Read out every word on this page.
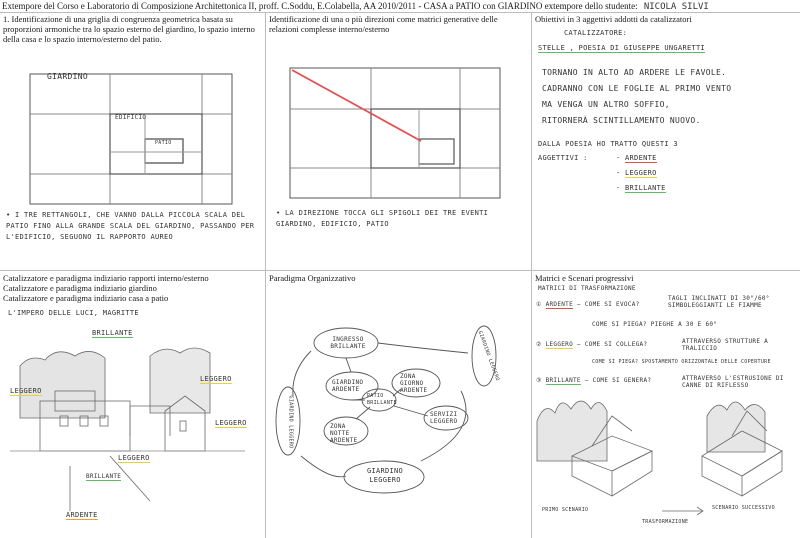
Extempore del Corso e Laboratorio di Composizione Architettonica II, proff. C.Soddu, E.Colabella, AA 2010/2011 - CASA a PATIO con GIARDINO extempore dello studente: NICOLA SILVI
1. Identificazione di una griglia di congruenza geometrica basata su proporzioni armoniche tra lo spazio esterno del giardino, lo spazio interno della casa e lo spazio interno/esterno del patio.
GIARDINO
EDIFICIO
PATIO
• I TRE RETTANGOLI, CHE VANNO DALLA PICCOLA SCALA DEL PATIO FINO ALLA GRANDE SCALA DEL GIARDINO, PASSANDO PER L'EDIFICIO, SEGUONO IL RAPPORTO AUREO
Identificazione di una o più direzioni come matrici generative delle relazioni complesse interno/esterno
• LA DIREZIONE TOCCA GLI SPIGOLI DEI TRE EVENTI GIARDINO, EDIFICIO, PATIO
Obiettivi in 3 aggettivi addotti da catalizzatori
CATALIZZATORE:
STELLE , POESIA DI GIUSEPPE UNGARETTI
TORNANO IN ALTO AD ARDERE LE FAVOLE.
CADRANNO CON LE FOGLIE AL PRIMO VENTO
MA VENGA UN ALTRO SOFFIO,
RITORNERÀ SCINTILLAMENTO NUOVO.
DALLA POESIA HO TRATTO QUESTI 3
AGGETTIVI :	- ARDENTE
- LEGGERO
- BRILLANTE
Catalizzatore e paradigma indiziario rapporti interno/esterno
Catalizzatore e paradigma indiziario giardino
Catalizzatore e paradigma indiziario casa a patio
L'IMPERO DELLE LUCI, MAGRITTE
BRILLANTE
LEGGERO
LEGGERO
LEGGERO
LEGGERO
BRILLANTE
ARDENTE
Paradigma Organizzativo
INGRESSO BRILLANTE
GIARDINO ARDENTE
ZONA GIORNO ARDENTE
PATIO BRILLANTE
ZONA NOTTE ARDENTE
SERVIZI LEGGERO
GIARDINO LEGGERO
GIARDINO LEGGERO
GIARDINO LEGGERO
Matrici e Scenari progressivi
MATRICI DI TRASFORMAZIONE
① ARDENTE — COME SI EVOCA?
TAGLI INCLINATI DI 30°/60° SIMBOLEGGIANTI LE FIAMME
COME SI PIEGA? PIEGHE A 30 E 60°
② LEGGERO — COME SI COLLEGA?	ATTRAVERSO STRUTTURE A TRALICCIO
COME SI PIEGA? SPOSTAMENTO ORIZZONTALE DELLE COPERTURE
③ BRILLANTE — COME SI GENERA?	ATTRAVERSO L'ESTRUSIONE DI CANNE DI RIFLESSO
PRIMO SCENARIO
TRASFORMAZIONE
SCENARIO SUCCESSIVO
